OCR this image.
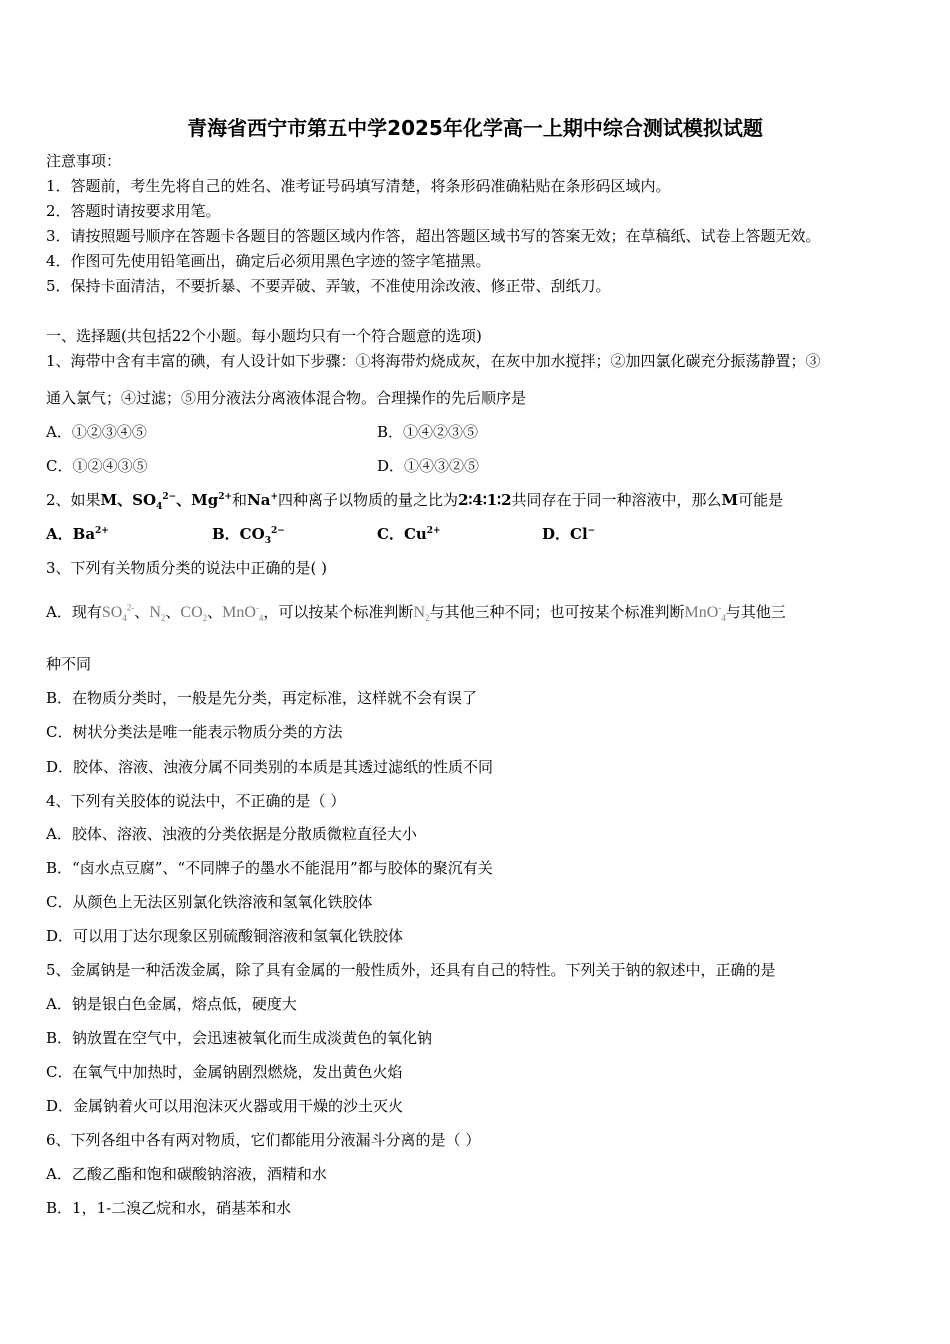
青海省西宁市第五中学2025年化学高一上期中综合测试模拟试题
注意事项：
1．答题前，考生先将自己的姓名、准考证号码填写清楚，将条形码准确粘贴在条形码区域内。
2．答题时请按要求用笔。
3．请按照题号顺序在答题卡各题目的答题区域内作答，超出答题区域书写的答案无效；在草稿纸、试卷上答题无效。
4．作图可先使用铅笔画出，确定后必须用黑色字迹的签字笔描黑。
5．保持卡面清洁，不要折暴、不要弄破、弄皱，不准使用涂改液、修正带、刮纸刀。
一、选择题(共包括22个小题。每小题均只有一个符合题意的选项)
1、海带中含有丰富的碘，有人设计如下步骤：①将海带灼烧成灰，在灰中加水搅拌；②加四氯化碳充分振荡静置；③
通入氯气；④过滤；⑤用分液法分离液体混合物。合理操作的先后顺序是
A．①②③④⑤	B．①④②③⑤
C．①②④③⑤	D．①④③②⑤
2、如果M、$SO_4^{2-}$、$Mg^{2+}$和Na+四种离子以物质的量之比为2∶4∶1∶2共同存在于同一种溶液中，那么M可能是
A．$Ba^{2+}$	B．$CO_3^{2-}$	C．$Cu^{2+}$	D．Cl−
3、下列有关物质分类的说法中正确的是( )
A．现有$SO_4^{2-}$、$N_2$、$CO_2$、MnO-$_4$，可以按某个标准判断$N_2$与其他三种不同；也可按某个标准判断MnO-$_4$与其他三
种不同
B．在物质分类时，一般是先分类，再定标准，这样就不会有误了
C．树状分类法是唯一能表示物质分类的方法
D．胶体、溶液、浊液分属不同类别的本质是其透过滤纸的性质不同
4、下列有关胶体的说法中，不正确的是（ ）
A．胶体、溶液、浊液的分类依据是分散质微粒直径大小
B．“卤水点豆腐”、“不同牌子的墨水不能混用”都与胶体的聚沉有关
C．从颜色上无法区别氯化铁溶液和氢氧化铁胶体
D．可以用丁达尔现象区别硫酸铜溶液和氢氧化铁胶体
5、金属钠是一种活泼金属，除了具有金属的一般性质外，还具有自己的特性。下列关于钠的叙述中，正确的是
A．钠是银白色金属，熔点低，硬度大
B．钠放置在空气中，会迅速被氧化而生成淡黄色的氧化钠
C．在氧气中加热时，金属钠剧烈燃烧，发出黄色火焰
D．金属钠着火可以用泡沫灭火器或用干燥的沙土灭火
6、下列各组中各有两对物质，它们都能用分液漏斗分离的是（ ）
A．乙酸乙酯和饱和碳酸钠溶液，酒精和水
B．1，1-二溴乙烷和水，硝基苯和水
